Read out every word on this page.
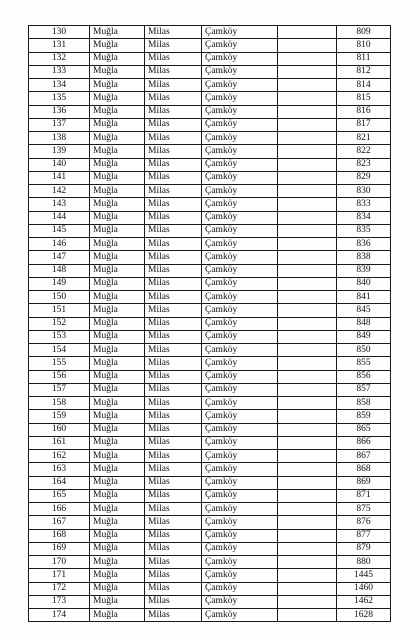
130	Muğla	Milas	Çamköy		809
131	Muğla	Milas	Çamköy		810
132	Muğla	Milas	Çamköy		811
133	Muğla	Milas	Çamköy		812
134	Muğla	Milas	Çamköy		814
135	Muğla	Milas	Çamköy		815
136	Muğla	Milas	Çamköy		816
137	Muğla	Milas	Çamköy		817
138	Muğla	Milas	Çamköy		821
139	Muğla	Milas	Çamköy		822
140	Muğla	Milas	Çamköy		823
141	Muğla	Milas	Çamköy		829
142	Muğla	Milas	Çamköy		830
143	Muğla	Milas	Çamköy		833
144	Muğla	Milas	Çamköy		834
145	Muğla	Milas	Çamköy		835
146	Muğla	Milas	Çamköy		836
147	Muğla	Milas	Çamköy		838
148	Muğla	Milas	Çamköy		839
149	Muğla	Milas	Çamköy		840
150	Muğla	Milas	Çamköy		841
151	Muğla	Milas	Çamköy		845
152	Muğla	Milas	Çamköy		848
153	Muğla	Milas	Çamköy		849
154	Muğla	Milas	Çamköy		850
155	Muğla	Milas	Çamköy		855
156	Muğla	Milas	Çamköy		856
157	Muğla	Milas	Çamköy		857
158	Muğla	Milas	Çamköy		858
159	Muğla	Milas	Çamköy		859
160	Muğla	Milas	Çamköy		865
161	Muğla	Milas	Çamköy		866
162	Muğla	Milas	Çamköy		867
163	Muğla	Milas	Çamköy		868
164	Muğla	Milas	Çamköy		869
165	Muğla	Milas	Çamköy		871
166	Muğla	Milas	Çamköy		875
167	Muğla	Milas	Çamköy		876
168	Muğla	Milas	Çamköy		877
169	Muğla	Milas	Çamköy		879
170	Muğla	Milas	Çamköy		880
171	Muğla	Milas	Çamköy		1445
172	Muğla	Milas	Çamköy		1460
173	Muğla	Milas	Çamköy		1462
174	Muğla	Milas	Çamköy		1628
